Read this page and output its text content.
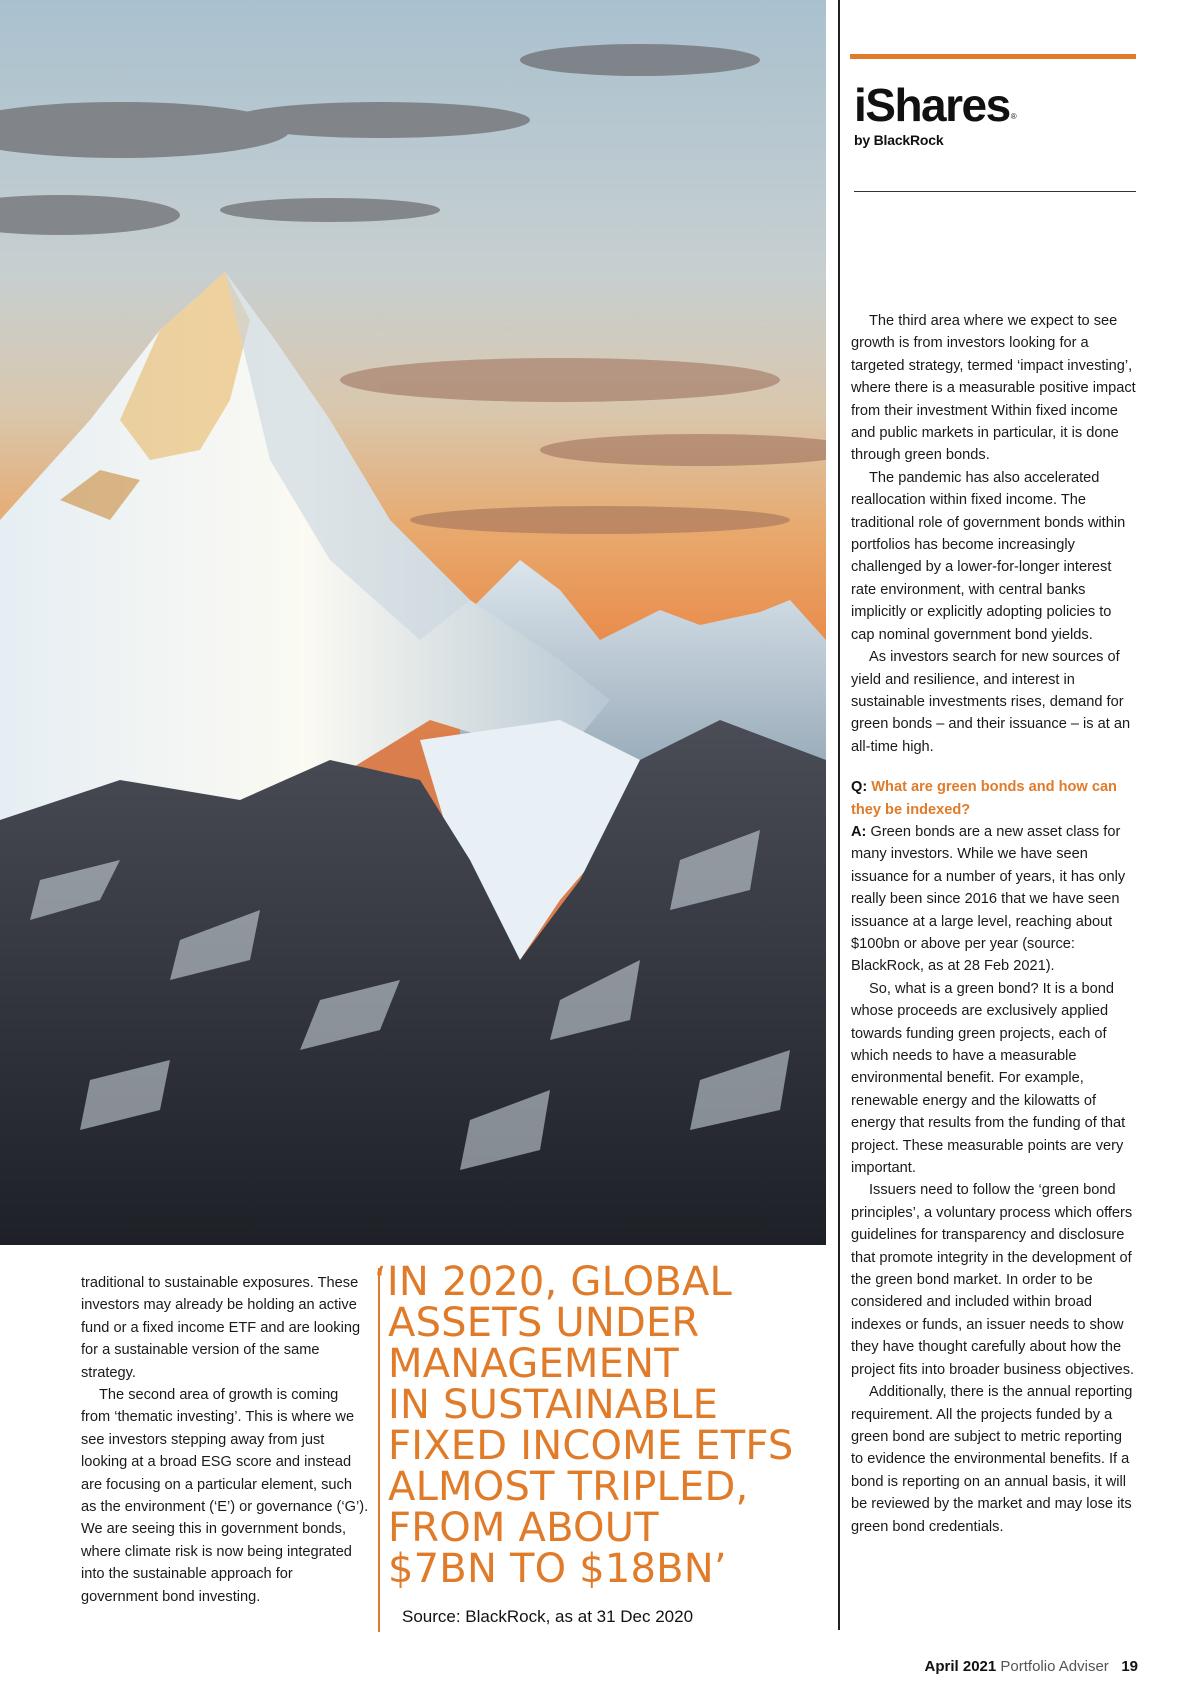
iShares®
by BlackRock

The third area where we expect to see growth is from investors looking for a targeted strategy, termed ‘impact investing’, where there is a measurable positive impact from their investment Within fixed income and public markets in particular, it is done through green bonds.

The pandemic has also accelerated reallocation within fixed income. The traditional role of government bonds within portfolios has become increasingly challenged by a lower-for-longer interest rate environment, with central banks implicitly or explicitly adopting policies to cap nominal government bond yields.

As investors search for new sources of yield and resilience, and interest in sustainable investments rises, demand for green bonds – and their issuance – is at an all-time high.

Q: What are green bonds and how can they be indexed?

A: Green bonds are a new asset class for many investors. While we have seen issuance for a number of years, it has only really been since 2016 that we have seen issuance at a large level, reaching about $100bn or above per year (source: BlackRock, as at 28 Feb 2021).

So, what is a green bond? It is a bond whose proceeds are exclusively applied towards funding green projects, each of which needs to have a measurable environmental benefit. For example, renewable energy and the kilowatts of energy that results from the funding of that project. These measurable points are very important.

Issuers need to follow the ‘green bond principles’, a voluntary process which offers guidelines for transparency and disclosure that promote integrity in the development of the green bond market. In order to be considered and included within broad indexes or funds, an issuer needs to show they have thought carefully about how the project fits into broader business objectives.

Additionally, there is the annual reporting requirement. All the projects funded by a green bond are subject to metric reporting to evidence the environmental benefits. If a bond is reporting on an annual basis, it will be reviewed by the market and may lose its green bond credentials.

traditional to sustainable exposures. These investors may already be holding an active fund or a fixed income ETF and are looking for a sustainable version of the same strategy.

The second area of growth is coming from ‘thematic investing’. This is where we see investors stepping away from just looking at a broad ESG score and instead are focusing on a particular element, such as the environment (‘E’) or governance (‘G’). We are seeing this in government bonds, where climate risk is now being integrated into the sustainable approach for government bond investing.

‘IN 2020, GLOBAL
ASSETS UNDER
MANAGEMENT
IN SUSTAINABLE
FIXED INCOME ETFS
ALMOST TRIPLED,
FROM ABOUT
$7BN TO $18BN’
Source: BlackRock, as at 31 Dec 2020
April 2021 Portfolio Adviser 19
